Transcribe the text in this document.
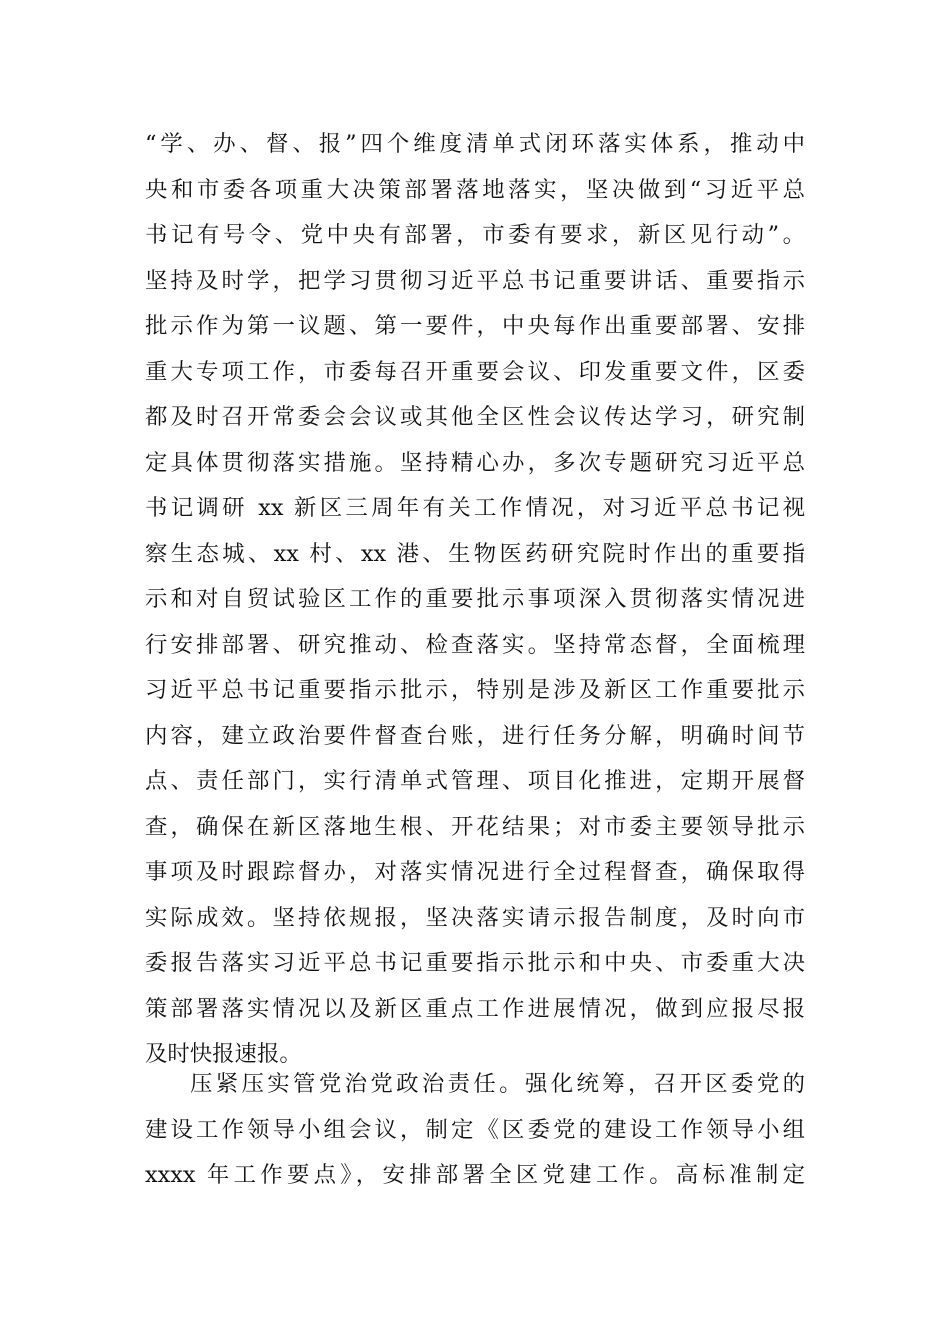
“学、办、督、报”四个维度清单式闭环落实体系，推动中
央和市委各项重大决策部署落地落实，坚决做到“习近平总
书记有号令、党中央有部署，市委有要求，新区见行动”。
坚持及时学，把学习贯彻习近平总书记重要讲话、重要指示
批示作为第一议题、第一要件，中央每作出重要部署、安排
重大专项工作，市委每召开重要会议、印发重要文件，区委
都及时召开常委会会议或其他全区性会议传达学习，研究制
定具体贯彻落实措施。坚持精心办，多次专题研究习近平总
书记调研 xx 新区三周年有关工作情况，对习近平总书记视
察生态城、xx 村、xx 港、生物医药研究院时作出的重要指
示和对自贸试验区工作的重要批示事项深入贯彻落实情况进
行安排部署、研究推动、检查落实。坚持常态督，全面梳理
习近平总书记重要指示批示，特别是涉及新区工作重要批示
内容，建立政治要件督查台账，进行任务分解，明确时间节
点、责任部门，实行清单式管理、项目化推进，定期开展督
查，确保在新区落地生根、开花结果；对市委主要领导批示
事项及时跟踪督办，对落实情况进行全过程督查，确保取得
实际成效。坚持依规报，坚决落实请示报告制度，及时向市
委报告落实习近平总书记重要指示批示和中央、市委重大决
策部署落实情况以及新区重点工作进展情况，做到应报尽报
及时快报速报。
压紧压实管党治党政治责任。强化统筹，召开区委党的
建设工作领导小组会议，制定《区委党的建设工作领导小组
xxxx 年工作要点》，安排部署全区党建工作。高标准制定
